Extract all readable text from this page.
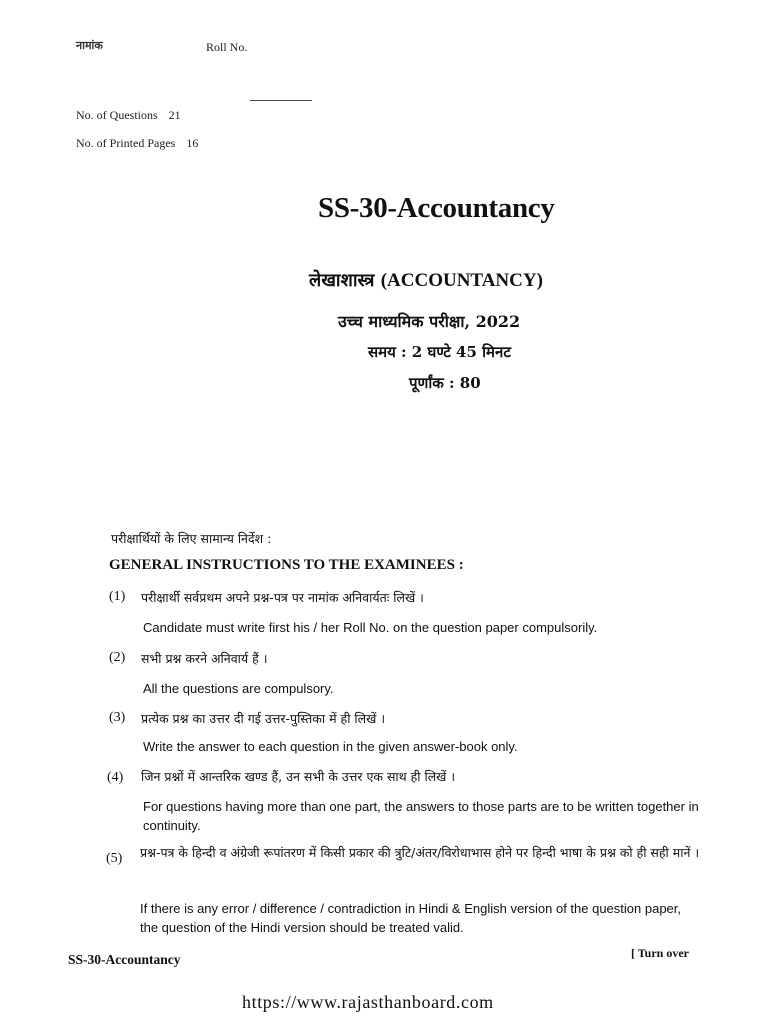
नामांक	Roll No.
No. of Questions 21
No. of Printed Pages 16
SS-30-Accountancy
लेखाशास्त्र (ACCOUNTANCY)
उच्च माध्यमिक परीक्षा, 2022
समय : 2 घण्टे 45 मिनट
पूर्णांक : 80
परीक्षार्थियों के लिए सामान्य निर्देश :
GENERAL INSTRUCTIONS TO THE EXAMINEES :
(1) परीक्षार्थी सर्वप्रथम अपने प्रश्न-पत्र पर नामांक अनिवार्यतः लिखें ।
Candidate must write first his / her Roll No. on the question paper compulsorily.
(2) सभी प्रश्न करने अनिवार्य हैं ।
All the questions are compulsory.
(3) प्रत्येक प्रश्न का उत्तर दी गई उत्तर-पुस्तिका में ही लिखें ।
Write the answer to each question in the given answer-book only.
(4) जिन प्रश्नों में आन्तरिक खण्ड हैं, उन सभी के उत्तर एक साथ ही लिखें ।
For questions having more than one part, the answers to those parts are to be written together in continuity.
(5) प्रश्न-पत्र के हिन्दी व अंग्रेजी रूपांतरण में किसी प्रकार की त्रुटि/अंतर/विरोधाभास होने पर हिन्दी भाषा के प्रश्न को ही सही मानें ।
If there is any error / difference / contradiction in Hindi & English version of the question paper, the question of the Hindi version should be treated valid.
SS-30-Accountancy	[ Turn over
https://www.rajasthanboard.com
